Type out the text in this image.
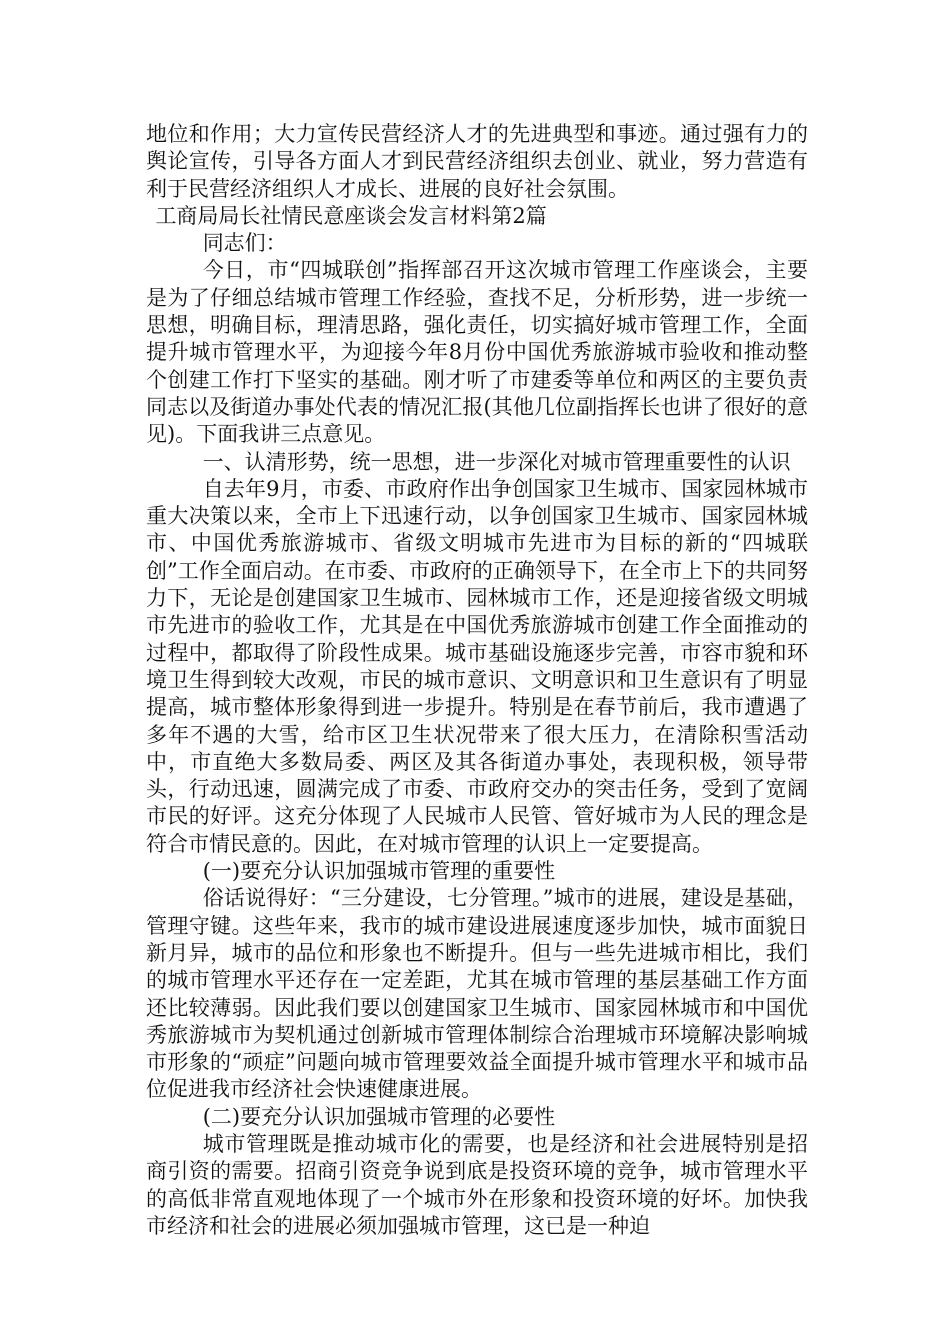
地位和作用；大力宣传民营经济人才的先进典型和事迹。通过强有力的舆论宣传，引导各方面人才到民营经济组织去创业、就业，努力营造有利于民营经济组织人才成长、进展的良好社会氛围。

工商局局长社情民意座谈会发言材料第2篇

同志们：

今日，市“四城联创”指挥部召开这次城市管理工作座谈会，主要是为了仔细总结城市管理工作经验，查找不足，分析形势，进一步统一思想，明确目标，理清思路，强化责任，切实搞好城市管理工作，全面提升城市管理水平，为迎接今年8月份中国优秀旅游城市验收和推动整个创建工作打下坚实的基础。刚才听了市建委等单位和两区的主要负责同志以及街道办事处代表的情况汇报(其他几位副指挥长也讲了很好的意见)。下面我讲三点意见。

一、认清形势，统一思想，进一步深化对城市管理重要性的认识

自去年9月，市委、市政府作出争创国家卫生城市、国家园林城市重大决策以来，全市上下迅速行动，以争创国家卫生城市、国家园林城市、中国优秀旅游城市、省级文明城市先进市为目标的新的“四城联创”工作全面启动。在市委、市政府的正确领导下，在全市上下的共同努力下，无论是创建国家卫生城市、园林城市工作，还是迎接省级文明城市先进市的验收工作，尤其是在中国优秀旅游城市创建工作全面推动的过程中，都取得了阶段性成果。城市基础设施逐步完善，市容市貌和环境卫生得到较大改观，市民的城市意识、文明意识和卫生意识有了明显提高，城市整体形象得到进一步提升。特别是在春节前后，我市遭遇了多年不遇的大雪，给市区卫生状况带来了很大压力，在清除积雪活动中，市直绝大多数局委、两区及其各街道办事处，表现积极，领导带头，行动迅速，圆满完成了市委、市政府交办的突击任务，受到了宽阔市民的好评。这充分体现了人民城市人民管、管好城市为人民的理念是符合市情民意的。因此，在对城市管理的认识上一定要提高。

(一)要充分认识加强城市管理的重要性

俗话说得好：“三分建设，七分管理。”城市的进展，建设是基础，管理守键。这些年来，我市的城市建设进展速度逐步加快，城市面貌日新月异，城市的品位和形象也不断提升。但与一些先进城市相比，我们的城市管理水平还存在一定差距，尤其在城市管理的基层基础工作方面还比较薄弱。因此我们要以创建国家卫生城市、国家园林城市和中国优秀旅游城市为契机通过创新城市管理体制综合治理城市环境解决影响城市形象的“顽症”问题向城市管理要效益全面提升城市管理水平和城市品位促进我市经济社会快速健康进展。

(二)要充分认识加强城市管理的必要性

城市管理既是推动城市化的需要，也是经济和社会进展特别是招商引资的需要。招商引资竞争说到底是投资环境的竞争，城市管理水平的高低非常直观地体现了一个城市外在形象和投资环境的好坏。加快我市经济和社会的进展必须加强城市管理，这已是一种迫
